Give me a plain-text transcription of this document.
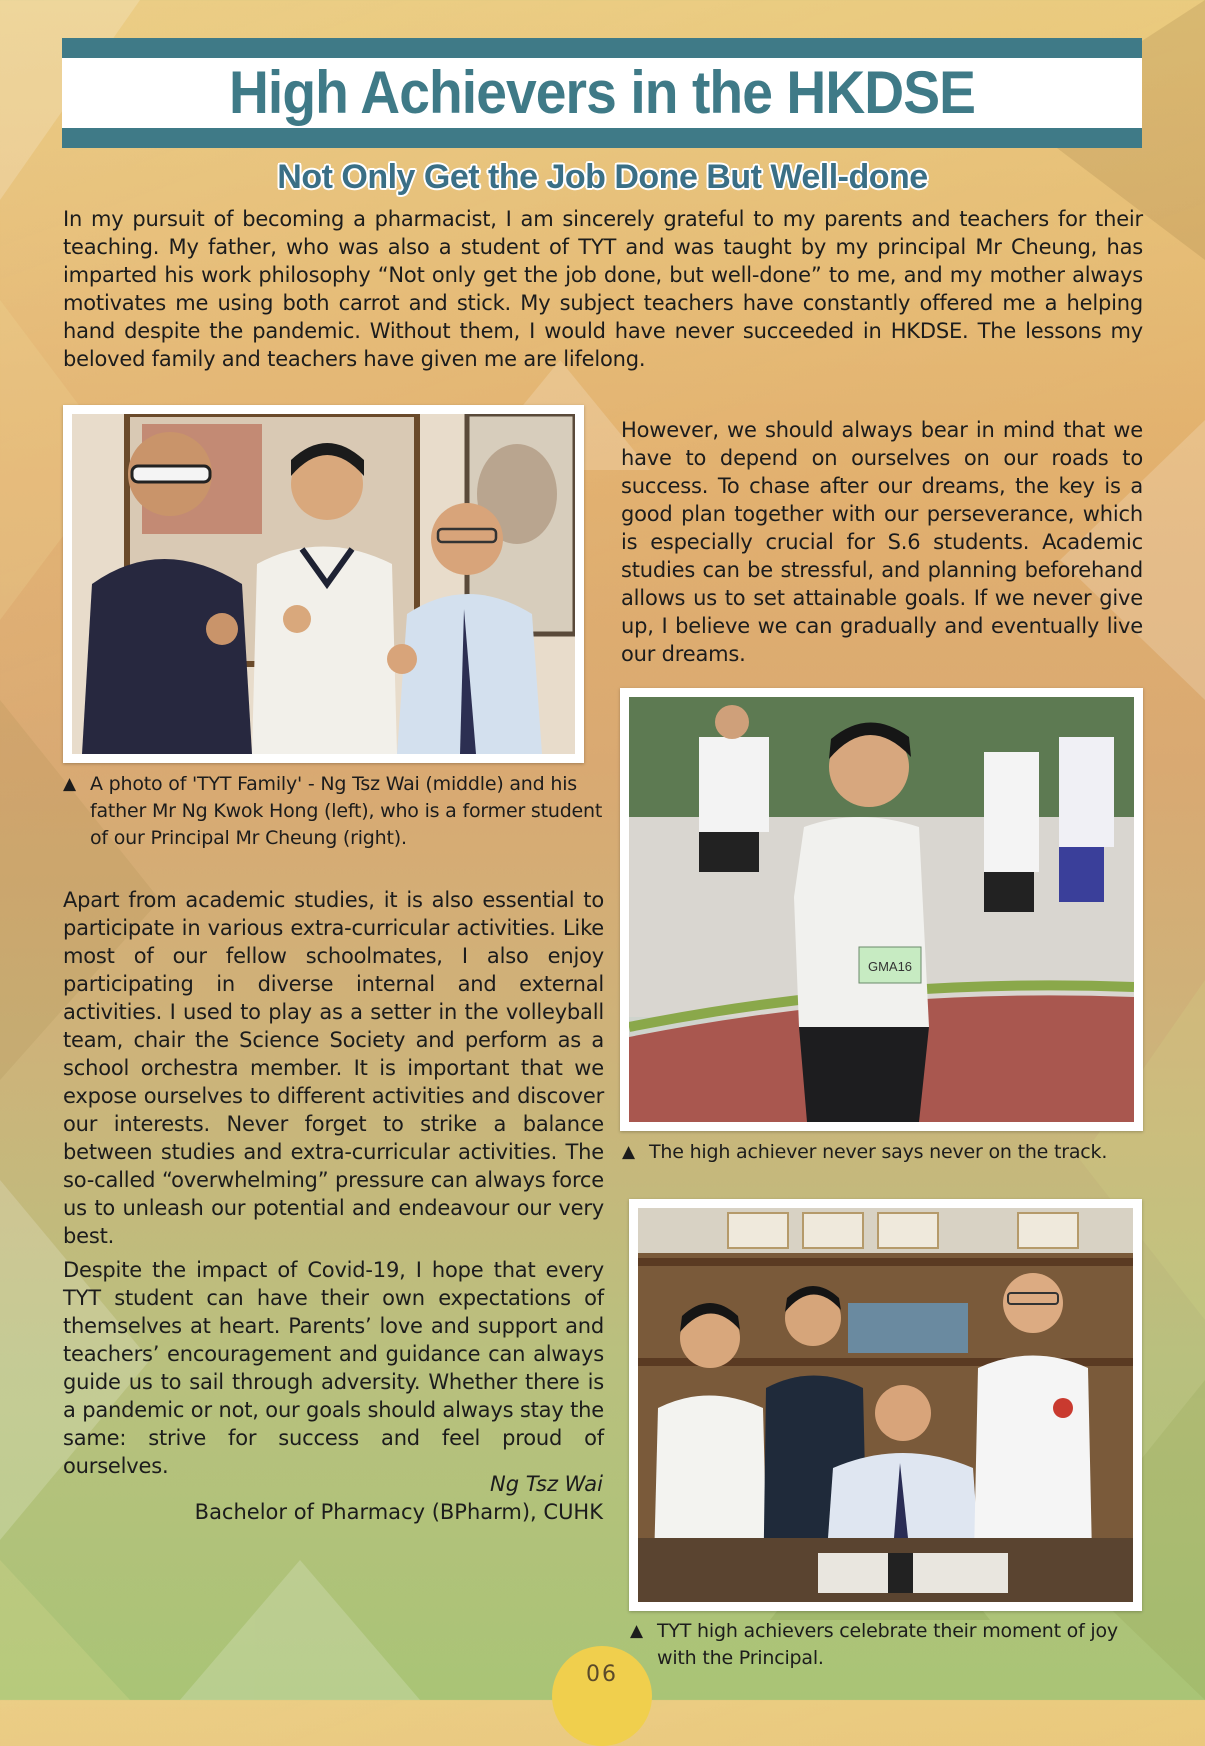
High Achievers in the HKDSE
Not Only Get the Job Done But Well-done

In my pursuit of becoming a pharmacist, I am sincerely grateful to my parents and teachers for their teaching. My father, who was also a student of TYT and was taught by my principal Mr Cheung, has imparted his work philosophy “Not only get the job done, but well-done” to me, and my mother always motivates me using both carrot and stick. My subject teachers have constantly offered me a helping hand despite the pandemic. Without them, I would have never succeeded in HKDSE. The lessons my beloved family and teachers have given me are lifelong.

▲ A photo of 'TYT Family' - Ng Tsz Wai (middle) and his father Mr Ng Kwok Hong (left), who is a former student of our Principal Mr Cheung (right).

However, we should always bear in mind that we have to depend on ourselves on our roads to success. To chase after our dreams, the key is a good plan together with our perseverance, which is especially crucial for S.6 students. Academic studies can be stressful, and planning beforehand allows us to set attainable goals. If we never give up, I believe we can gradually and eventually live our dreams.

GMA16
▲ The high achiever never says never on the track.

Apart from academic studies, it is also essential to participate in various extra-curricular activities. Like most of our fellow schoolmates, I also enjoy participating in diverse internal and external activities. I used to play as a setter in the volleyball team, chair the Science Society and perform as a school orchestra member. It is important that we expose ourselves to different activities and discover our interests. Never forget to strike a balance between studies and extra-curricular activities. The so-called “overwhelming” pressure can always force us to unleash our potential and endeavour our very best.

Despite the impact of Covid-19, I hope that every TYT student can have their own expectations of themselves at heart. Parents’ love and support and teachers’ encouragement and guidance can always guide us to sail through adversity. Whether there is a pandemic or not, our goals should always stay the same: strive for success and feel proud of ourselves.

Ng Tsz Wai
Bachelor of Pharmacy (BPharm), CUHK
▲ TYT high achievers celebrate their moment of joy with the Principal.
06
